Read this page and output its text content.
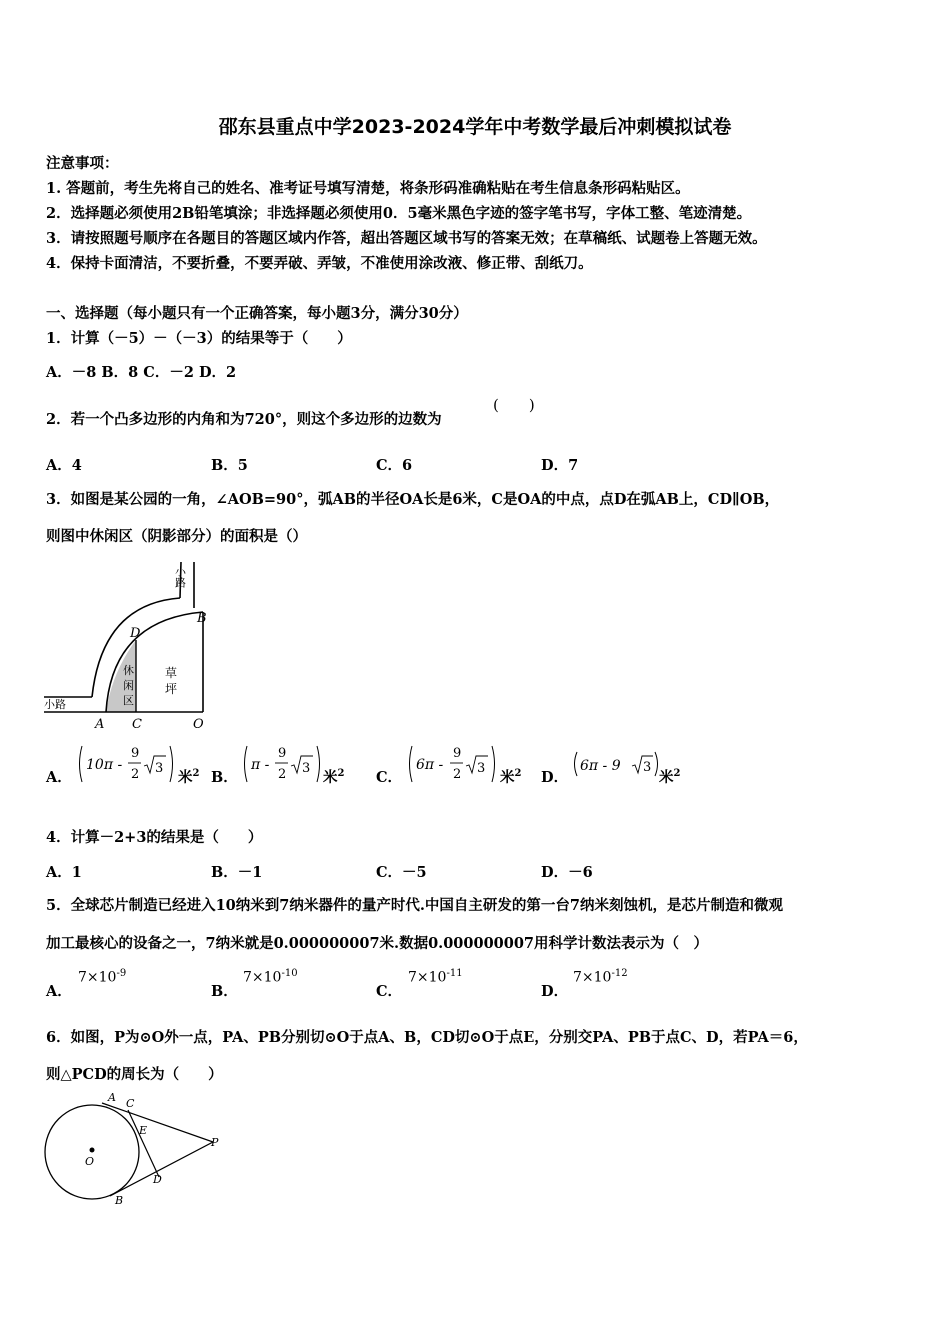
邵东县重点中学2023-2024学年中考数学最后冲刺模拟试卷
注意事项：
1. 答题前，考生先将自己的姓名、准考证号填写清楚，将条形码准确粘贴在考生信息条形码粘贴区。
2．选择题必须使用2B铅笔填涂；非选择题必须使用0．5毫米黑色字迹的签字笔书写，字体工整、笔迹清楚。
3．请按照题号顺序在各题目的答题区域内作答，超出答题区域书写的答案无效；在草稿纸、试题卷上答题无效。
4．保持卡面清洁，不要折叠，不要弄破、弄皱，不准使用涂改液、修正带、刮纸刀。
一、选择题（每小题只有一个正确答案，每小题3分，满分30分）
1．计算（－5）－（－3）的结果等于（　　）
A．－8 B．8 C．－2 D．2
2．若一个凸多边形的内角和为720°，则这个多边形的边数为
(　　)
A．4	B．5	C．6	D．7
3．如图是某公园的一角，∠AOB=90°，弧AB的半径OA长是6米，C是OA的中点，点D在弧AB上，CD∥OB，
则图中休闲区（阴影部分）的面积是（）
小路
小路
B
D
A C	O
休
闲
区
草
坪
A．
10π -
9
2 3
米$^2$ B．
π -
9
2 3
米$^2$ C．
6π -
9
2 3
米$^2$ D．
6π - 9 3
米$^2$
4．计算－2+3的结果是（　　）
A．1	B．－1	C．－5	D．－6
5．全球芯片制造已经进入10纳米到7纳米器件的量产时代.中国自主研发的第一台7纳米刻蚀机，是芯片制造和微观
加工最核心的设备之一，7纳米就是0.000000007米.数据0.000000007用科学计数法表示为（　）
A．
$7\times 10^{-9}$
B．
$7\times 10^{-10}$
C．
$7\times 10^{-11}$
D．
$7\times 10^{-12}$
6．如图，P为⊙O外一点，PA、PB分别切⊙O于点A、B，CD切⊙O于点E，分别交PA、PB于点C、D，若PA＝6，
则△PCD的周长为（　　）
A C
E
P
O
D
B
